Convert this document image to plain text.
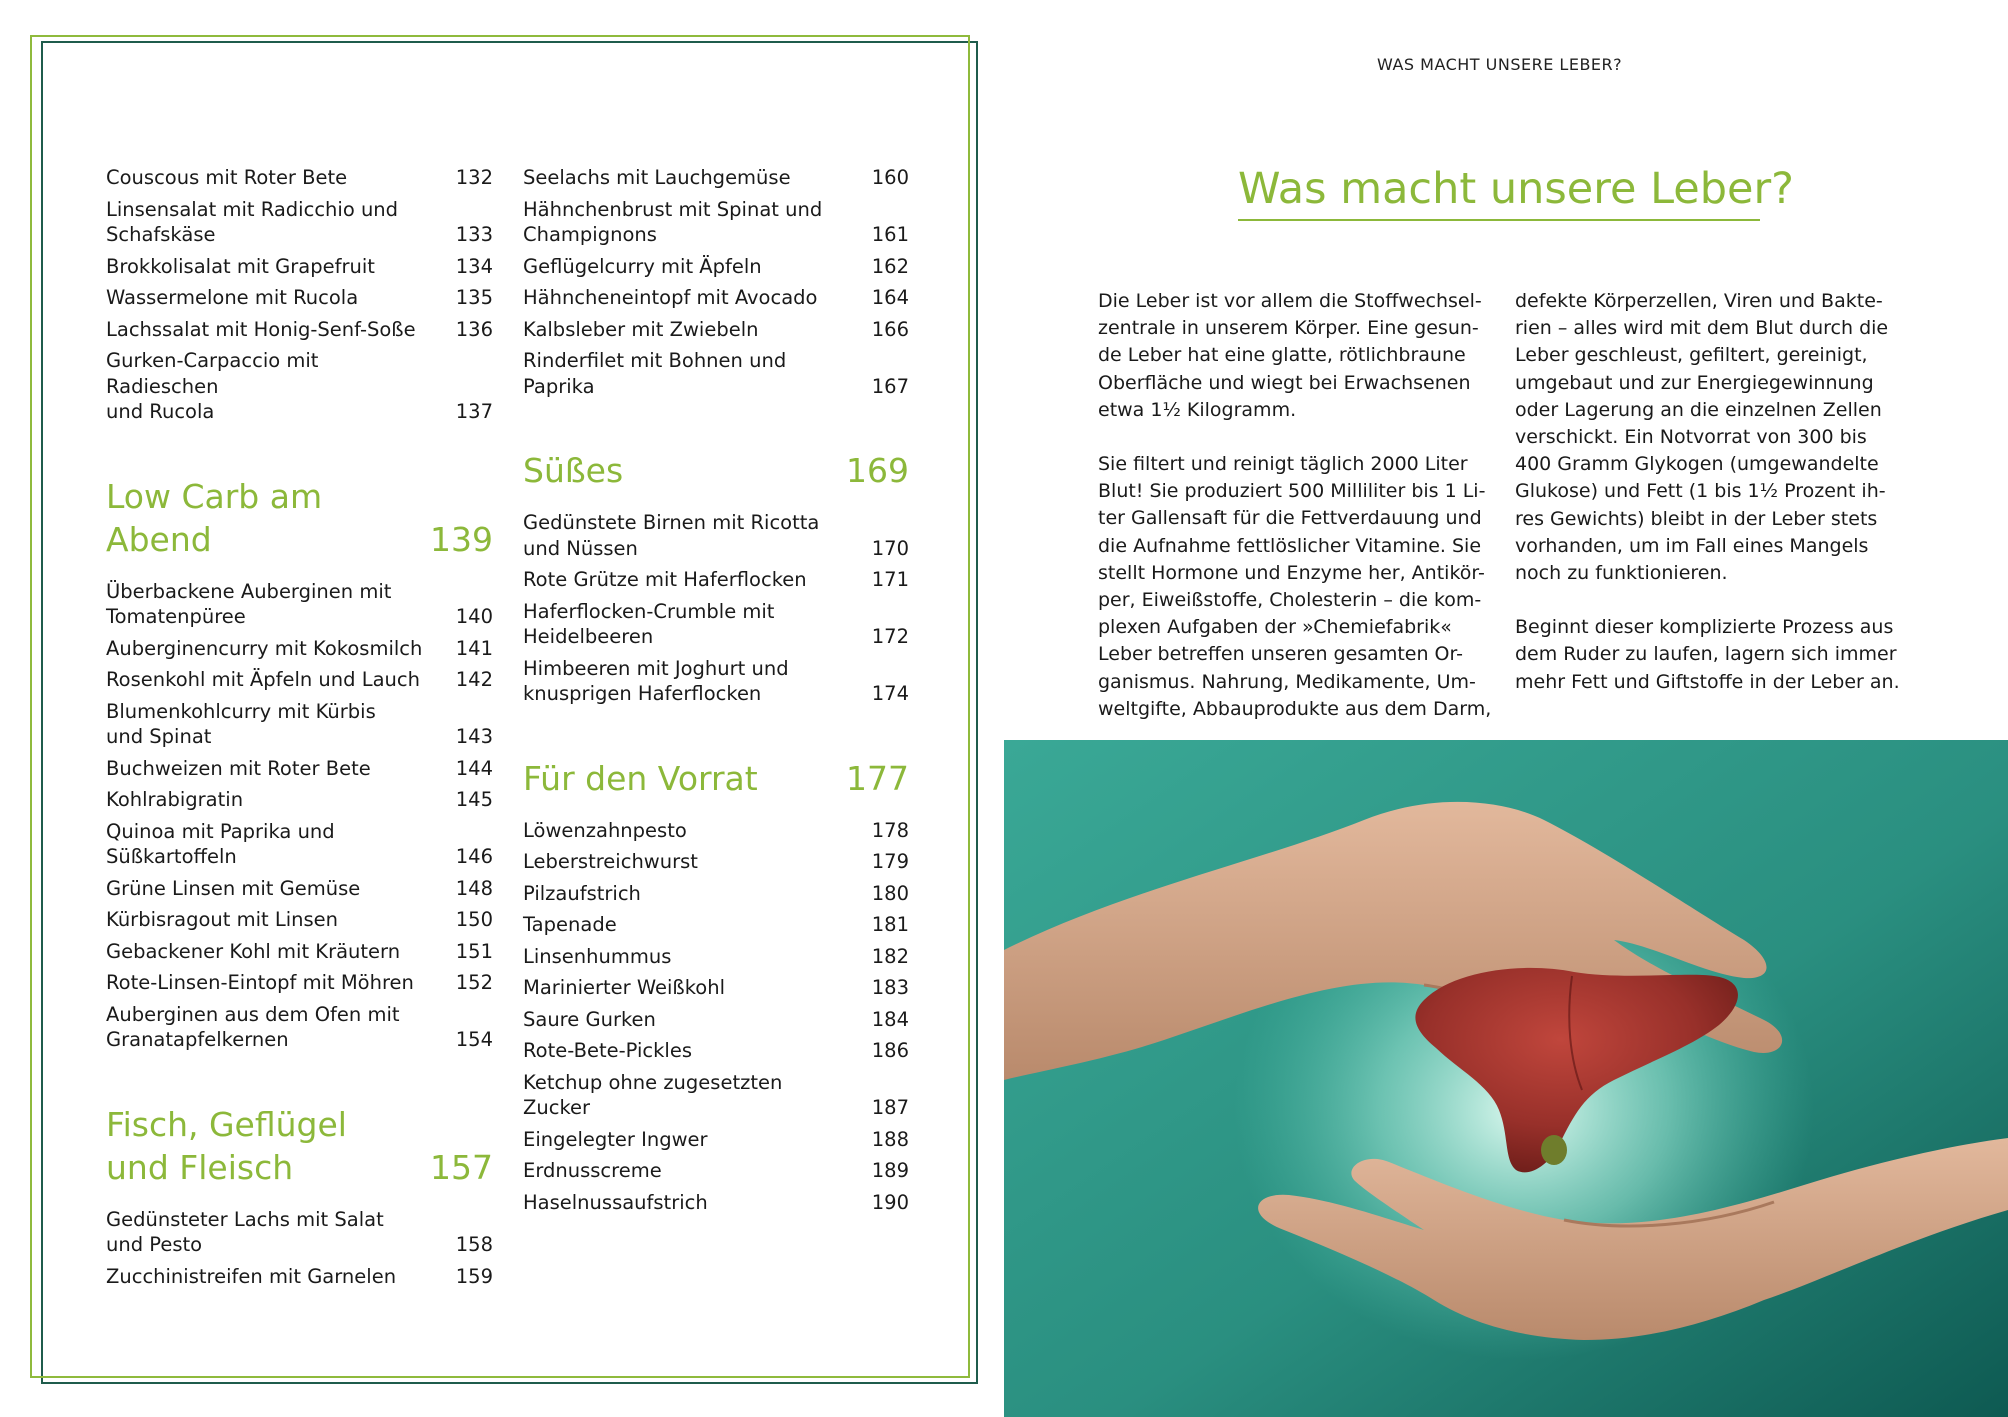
Couscous mit Roter Bete	132
Linsensalat mit Radicchio und
Schafskäse	133
Brokkolisalat mit Grapefruit	134
Wassermelone mit Rucola	135
Lachssalat mit Honig-Senf-Soße	136
Gurken-Carpaccio mit Radieschen
und Rucola	137
Low Carb am Abend	139
Überbackene Auberginen mit
Tomatenpüree	140
Auberginencurry mit Kokosmilch	141
Rosenkohl mit Äpfeln und Lauch	142
Blumenkohlcurry mit Kürbis
und Spinat	143
Buchweizen mit Roter Bete	144
Kohlrabigratin	145
Quinoa mit Paprika und
Süßkartoffeln	146
Grüne Linsen mit Gemüse	148
Kürbisragout mit Linsen	150
Gebackener Kohl mit Kräutern	151
Rote-Linsen-Eintopf mit Möhren	152
Auberginen aus dem Ofen mit
Granatapfelkernen	154
Fisch, Geflügel
und Fleisch	157
Gedünsteter Lachs mit Salat
und Pesto	158
Zucchinistreifen mit Garnelen	159
Seelachs mit Lauchgemüse	160
Hähnchenbrust mit Spinat und
Champignons	161
Geflügelcurry mit Äpfeln	162
Hähncheneintopf mit Avocado	164
Kalbsleber mit Zwiebeln	166
Rinderfilet mit Bohnen und Paprika	167
Süßes	169
Gedünstete Birnen mit Ricotta
und Nüssen	170
Rote Grütze mit Haferflocken	171
Haferflocken-Crumble mit
Heidelbeeren	172
Himbeeren mit Joghurt und
knusprigen Haferflocken	174
Für den Vorrat	177
Löwenzahnpesto	178
Leberstreichwurst	179
Pilzaufstrich	180
Tapenade	181
Linsenhummus	182
Marinierter Weißkohl	183
Saure Gurken	184
Rote-Bete-Pickles	186
Ketchup ohne zugesetzten Zucker	187
Eingelegter Ingwer	188
Erdnusscreme	189
Haselnussaufstrich	190
WAS MACHT UNSERE LEBER?
Was macht unsere Leber?

Die Leber ist vor allem die Stoffwechsel-
zentrale in unserem Körper. Eine gesun-
de Leber hat eine glatte, rötlichbraune
Oberfläche und wiegt bei Erwachsenen
etwa 1½ Kilogramm.

Sie filtert und reinigt täglich 2000 Liter
Blut! Sie produziert 500 Milliliter bis 1 Li-
ter Gallensaft für die Fettverdauung und
die Aufnahme fettlöslicher Vitamine. Sie
stellt Hormone und Enzyme her, Antikör-
per, Eiweißstoffe, Cholesterin – die kom-
plexen Aufgaben der »Chemiefabrik«
Leber betreffen unseren gesamten Or-
ganismus. Nahrung, Medikamente, Um-
weltgifte, Abbauprodukte aus dem Darm,

defekte Körperzellen, Viren und Bakte-
rien – alles wird mit dem Blut durch die
Leber geschleust, gefiltert, gereinigt,
umgebaut und zur Energiegewinnung
oder Lagerung an die einzelnen Zellen
verschickt. Ein Notvorrat von 300 bis
400 Gramm Glykogen (umgewandelte
Glukose) und Fett (1 bis 1½ Prozent ih-
res Gewichts) bleibt in der Leber stets
vorhanden, um im Fall eines Mangels
noch zu funktionieren.

Beginnt dieser komplizierte Prozess aus
dem Ruder zu laufen, lagern sich immer
mehr Fett und Giftstoffe in der Leber an.
